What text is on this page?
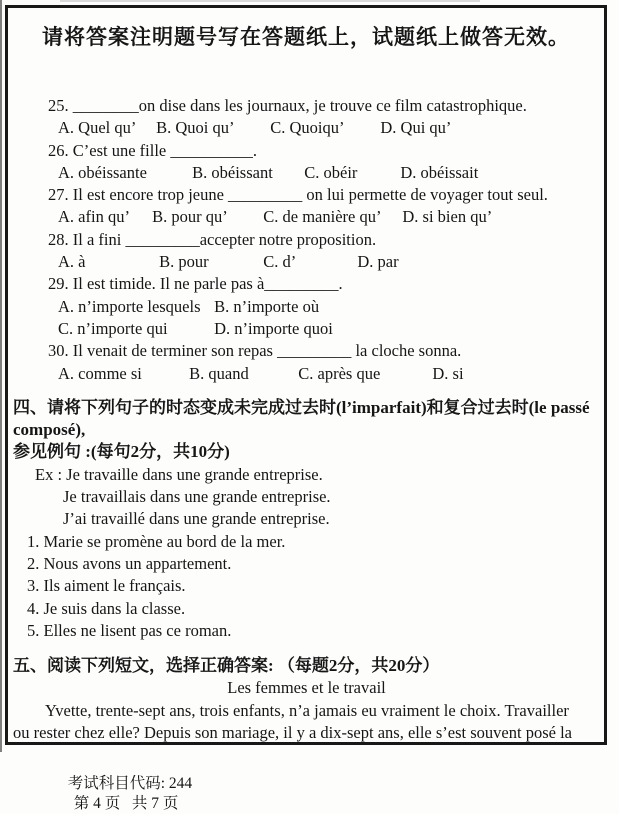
请将答案注明题号写在答题纸上，试题纸上做答无效。
25. ________on dise dans les journaux, je trouve ce film catastrophique.
A. Quel qu’ B. Quoi qu’ C. Quoiqu’ D. Qui qu’
26. C’est une fille __________.
A. obéissante	B. obéissant C. obéir	D. obéissait
27. Il est encore trop jeune _________ on lui permette de voyager tout seul.
A. afin qu’ B. pour qu’ C. de manière qu’ D. si bien qu’
28. Il a fini _________accepter notre proposition.
A. à	B. pour	C. d’	D. par
29. Il est timide. Il ne parle pas à_________.
A. n’importe lesquels B. n’importe où
C. n’importe qui	D. n’importe quoi
30. Il venait de terminer son repas _________ la cloche sonna.
A. comme si	B. quand	C. après que	D. si
四、请将下列句子的时态变成未完成过去时(l’imparfait)和复合过去时(le passé
composé),
参见例句 :(每句2分，共10分)
Ex : Je travaille dans une grande entreprise.
Je travaillais dans une grande entreprise.
J’ai travaillé dans une grande entreprise.
1. Marie se promène au bord de la mer.
2. Nous avons un appartement.
3. Ils aiment le français.
4. Je suis dans la classe.
5. Elles ne lisent pas ce roman.
五、阅读下列短文，选择正确答案: （每题2分，共20分）
Les femmes et le travail
Yvette, trente-sept ans, trois enfants, n’a jamais eu vraiment le choix. Travailler
ou rester chez elle? Depuis son mariage, il y a dix-sept ans, elle s’est souvent posé la

考试科目代码: 244
第 4 页   共 7 页
